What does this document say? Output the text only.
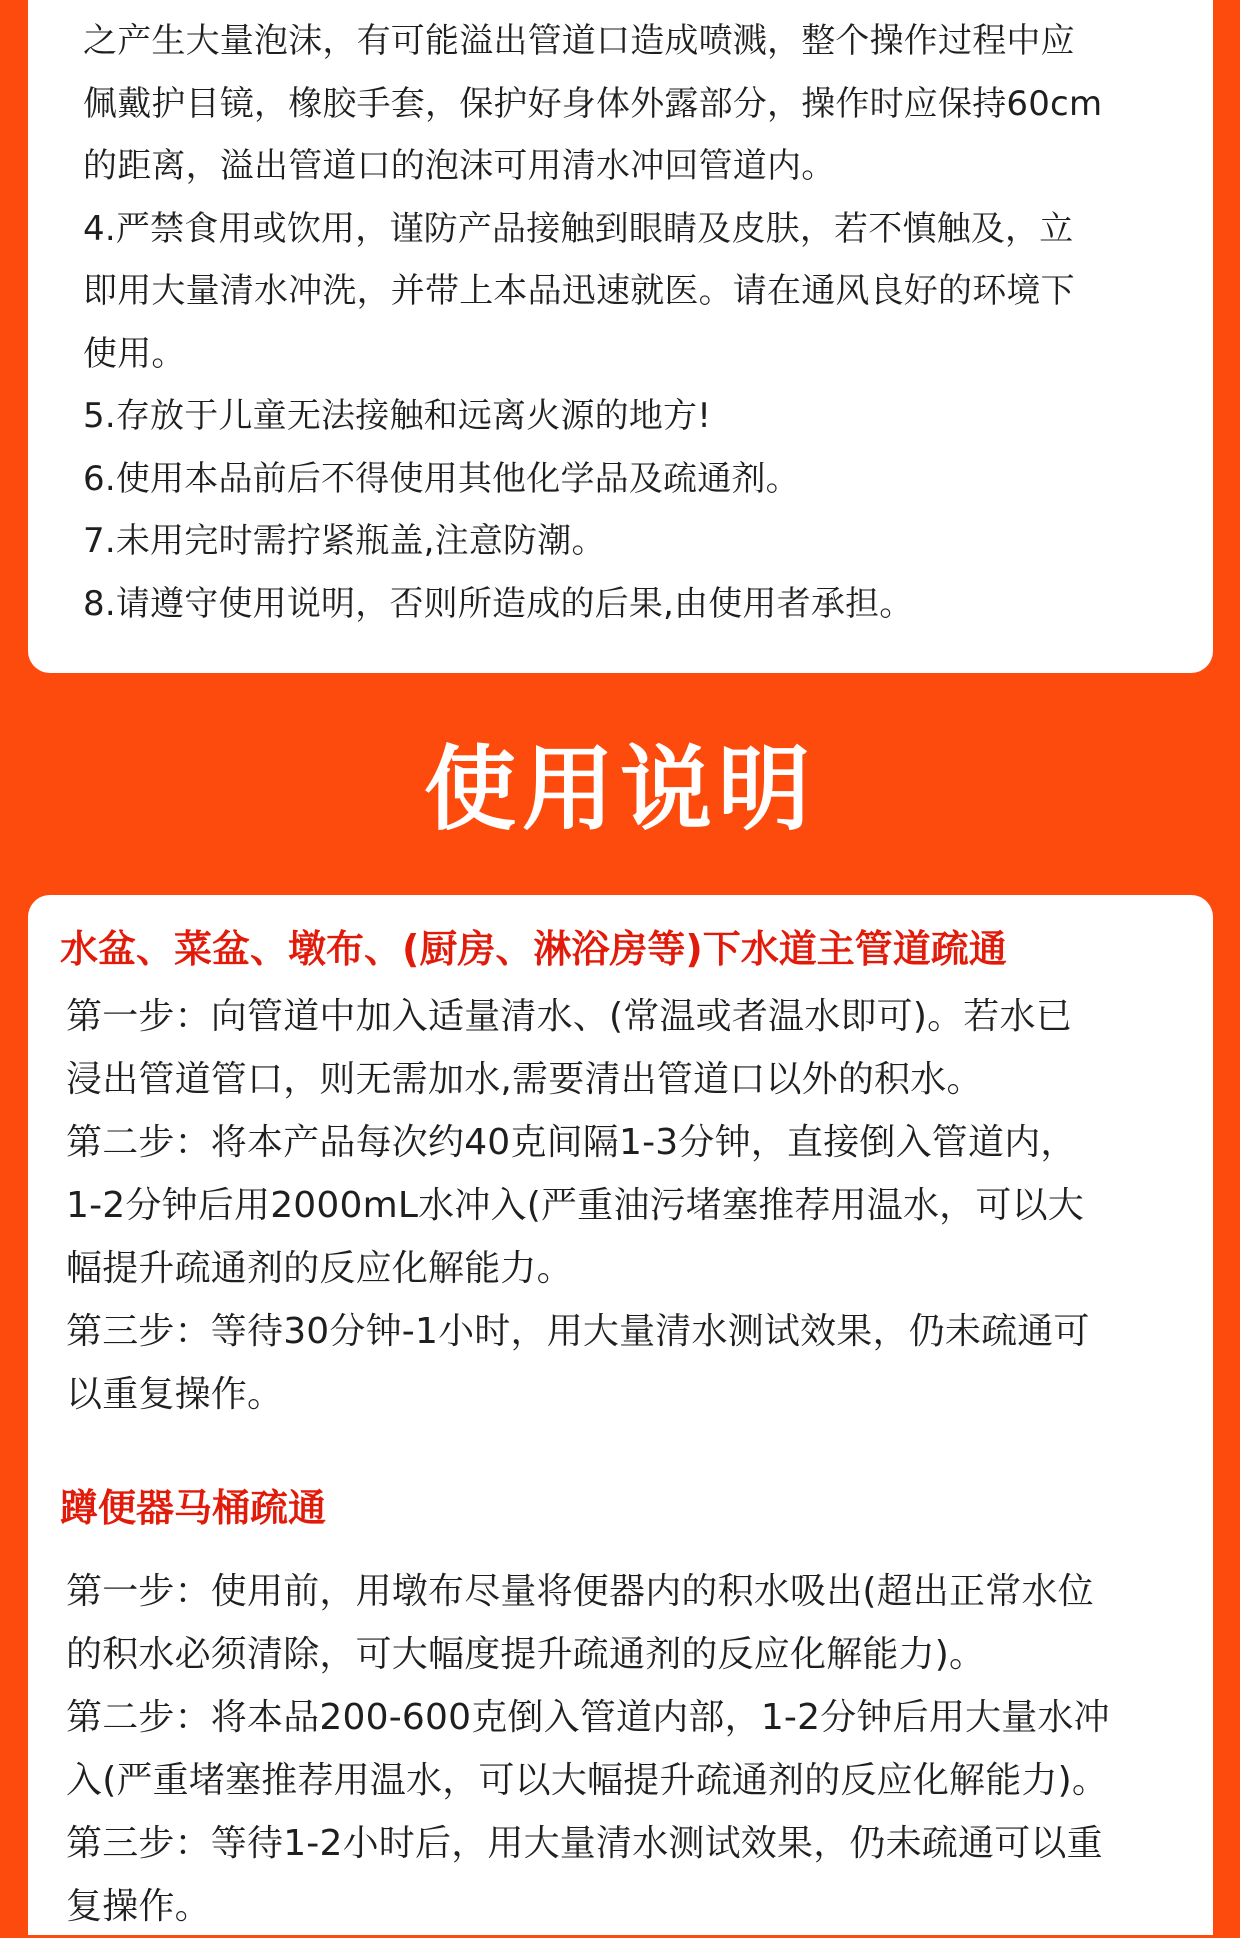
之产生大量泡沫，有可能溢出管道口造成喷溅，整个操作过程中应
佩戴护目镜，橡胶手套，保护好身体外露部分，操作时应保持60cm
的距离，溢出管道口的泡沫可用清水冲回管道内。
4.严禁食用或饮用，谨防产品接触到眼睛及皮肤，若不慎触及，立
即用大量清水冲洗，并带上本品迅速就医。请在通风良好的环境下
使用。
5.存放于儿童无法接触和远离火源的地方!
6.使用本品前后不得使用其他化学品及疏通剂。
7.未用完时需拧紧瓶盖,注意防潮。
8.请遵守使用说明，否则所造成的后果,由使用者承担。
使用说明
水盆、菜盆、墩布、(厨房、淋浴房等)下水道主管道疏通
第一步：向管道中加入适量清水、(常温或者温水即可)。若水已
浸出管道管口，则无需加水,需要清出管道口以外的积水。
第二步：将本产品每次约40克间隔1-3分钟，直接倒入管道内，
1-2分钟后用2000mL水冲入(严重油污堵塞推荐用温水，可以大
幅提升疏通剂的反应化解能力。
第三步：等待30分钟-1小时，用大量清水测试效果，仍未疏通可
以重复操作。
蹲便器马桶疏通
第一步：使用前，用墩布尽量将便器内的积水吸出(超出正常水位
的积水必须清除，可大幅度提升疏通剂的反应化解能力)。
第二步：将本品200-600克倒入管道内部，1-2分钟后用大量水冲
入(严重堵塞推荐用温水，可以大幅提升疏通剂的反应化解能力)。
第三步：等待1-2小时后，用大量清水测试效果，仍未疏通可以重
复操作。
